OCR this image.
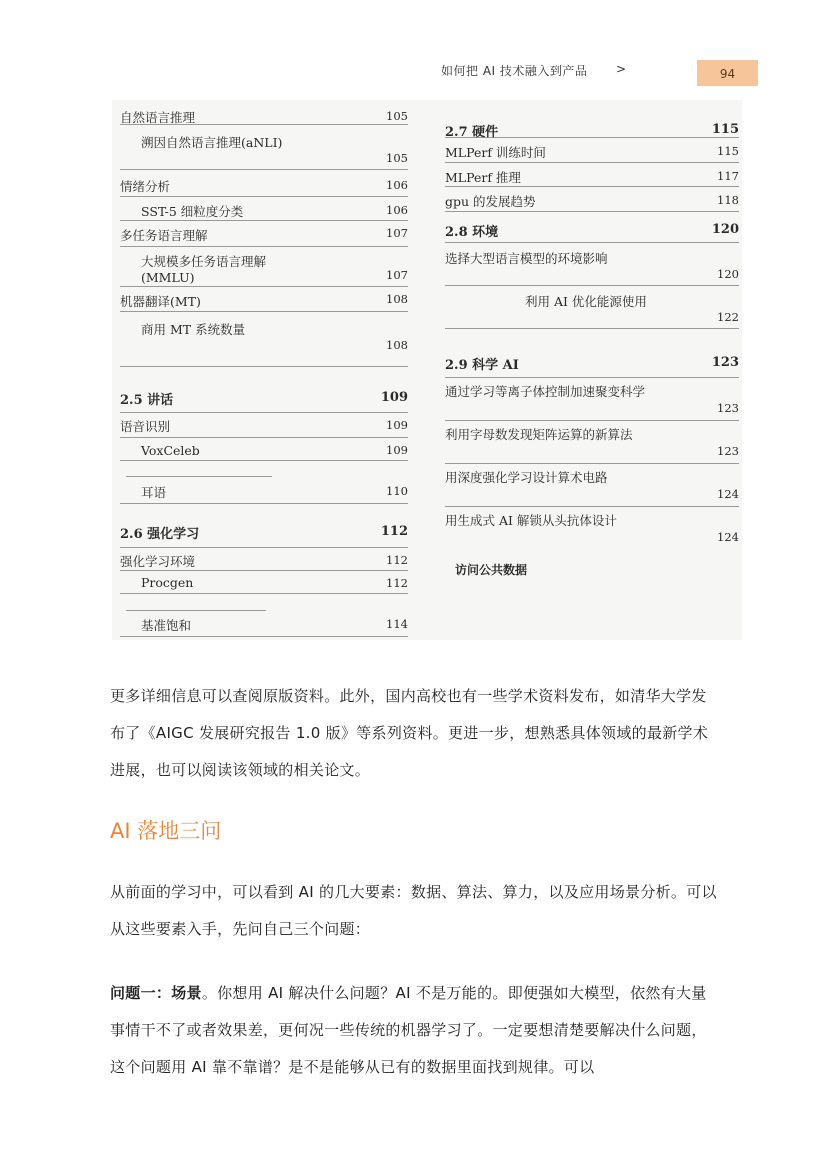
如何把 AI 技术融入到产品 >	94
自然语言推理	105
溯因自然语言推理(aNLI)
105
情绪分析	106
SST-5 细粒度分类	106
多任务语言理解	107
大规模多任务语言理解
(MMLU)	107
机器翻译(MT)	108
商用 MT 系统数量
108
2.5 讲话	109
语音识别	109
VoxCeleb	109
耳语	110
2.6 强化学习	112
强化学习环境	112
Procgen	112
基准饱和	114
2.7 硬件	115
MLPerf 训练时间	115
MLPerf 推理	117
gpu 的发展趋势	118
2.8 环境	120
选择大型语言模型的环境影响
120
利用 AI 优化能源使用
122
2.9 科学 AI	123
通过学习等离子体控制加速聚变科学
123
利用字母数发现矩阵运算的新算法
123
用深度强化学习设计算术电路
124
用生成式 AI 解锁从头抗体设计
124
访问公共数据
更多详细信息可以查阅原版资料。此外，国内高校也有一些学术资料发布，如清华大学发布了《AIGC 发展研究报告 1.0 版》等系列资料。更进一步，想熟悉具体领域的最新学术进展，也可以阅读该领域的相关论文。
AI 落地三问
从前面的学习中，可以看到 AI 的几大要素：数据、算法、算力，以及应用场景分析。可以从这些要素入手，先问自己三个问题：
问题一：场景。你想用 AI 解决什么问题？AI 不是万能的。即便强如大模型，依然有大量事情干不了或者效果差，更何况一些传统的机器学习了。一定要想清楚要解决什么问题，这个问题用 AI 靠不靠谱？是不是能够从已有的数据里面找到规律。可以
